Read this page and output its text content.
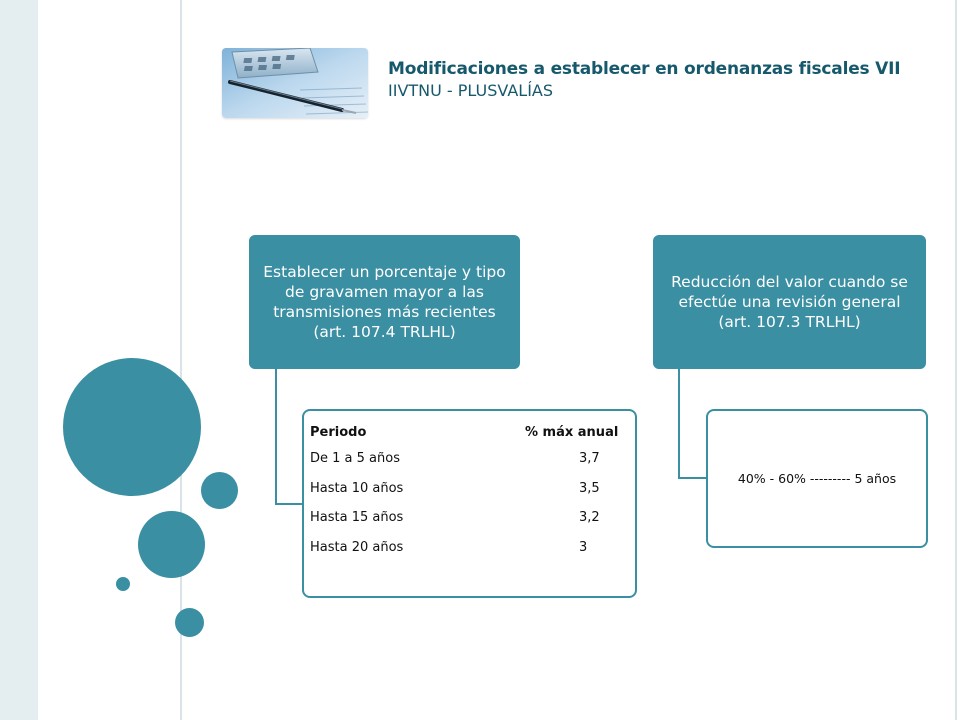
Modificaciones a establecer en ordenanzas fiscales VII
IIVTNU - PLUSVALÍAS
Establecer un porcentaje y tipo de gravamen mayor a las transmisiones más recientes (art. 107.4 TRLHL)
Periodo	% máx anual
De 1 a 5 años	3,7
Hasta 10 años	3,5
Hasta 15 años	3,2
Hasta 20 años	3
Reducción del valor cuando se efectúe una revisión general (art. 107.3 TRLHL)
40% - 60% --------- 5 años
